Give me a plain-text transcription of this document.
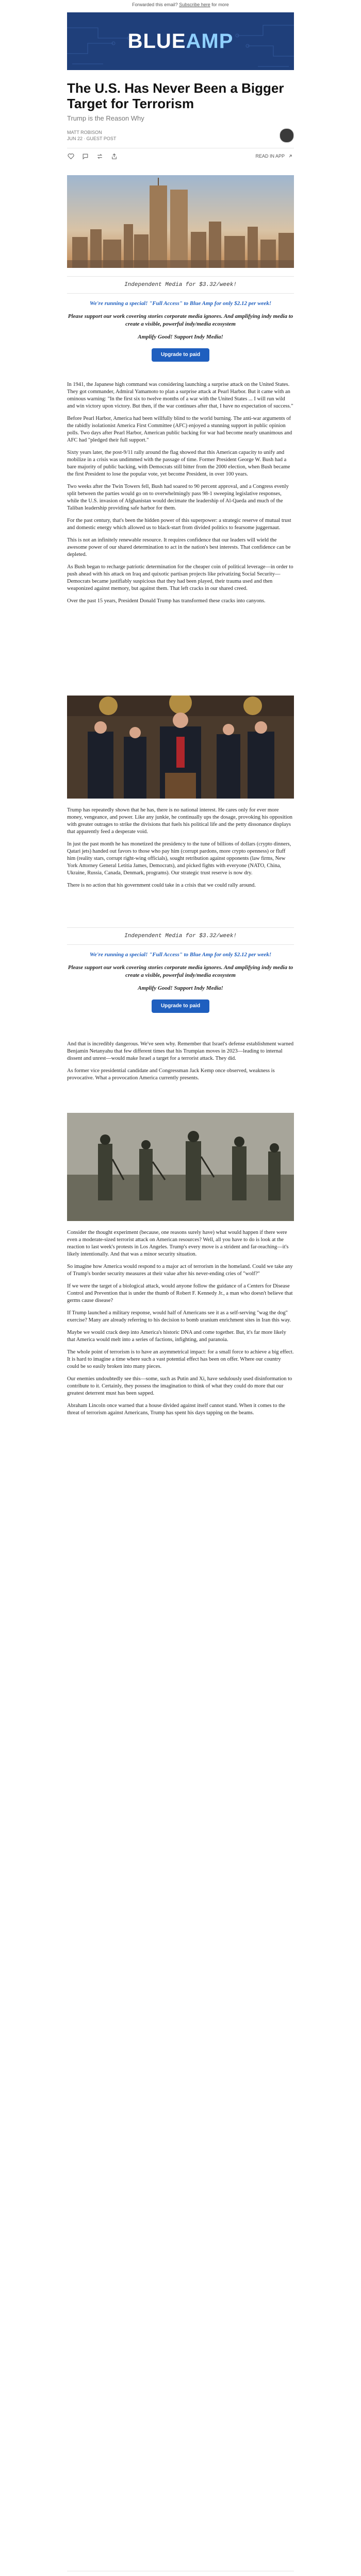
Forwarded this email? Subscribe here for more
BLUEAMP
The U.S. Has Never Been a Bigger Target for Terrorism
Trump is the Reason Why
MATT ROBISON
JUN 22 ∙ GUEST POST
READ IN APP
Independent Media for $3.32/week!
We're running a special! "Full Access" to Blue Amp for only $2.12 per week!
Please support our work covering stories corporate media ignores. And amplifying indy media to create a visible, powerful indy/media ecosystem
Amplify Good! Support Indy Media!
Upgrade to paid

In 1941, the Japanese high command was considering launching a surprise attack on the United States. They got commander, Admiral Yamamoto to plan a surprise attack at Pearl Harbor. But it came with an ominous warning: "In the first six to twelve months of a war with the United States ... I will run wild and win victory upon victory. But then, if the war continues after that, I have no expectation of success."

Before Pearl Harbor, America had been willfully blind to the world burning. The anti-war arguments of the rabidly isolationist America First Committee (AFC) enjoyed a stunning support in public opinion polls. Two days after Pearl Harbor, American public backing for war had become nearly unanimous and AFC had "pledged their full support."

Sixty years later, the post-9/11 rally around the flag showed that this American capacity to unify and mobilize in a crisis was undimmed with the passage of time. Former President George W. Bush had a bare majority of public backing, with Democrats still bitter from the 2000 election, when Bush became the first President to lose the popular vote, yet become President, in over 100 years.

Two weeks after the Twin Towers fell, Bush had soared to 90 percent approval, and a Congress evenly split between the parties would go on to overwhelmingly pass 98-1 sweeping legislative responses, while the U.S. invasion of Afghanistan would decimate the leadership of Al-Qaeda and much of the Taliban leadership providing safe harbor for them.

For the past century, that's been the hidden power of this superpower: a strategic reserve of mutual trust and domestic energy which allowed us to black-start from divided politics to fearsome juggernaut.

This is not an infinitely renewable resource. It requires confidence that our leaders will wield the awesome power of our shared determination to act in the nation's best interests. That confidence can be depleted.

As Bush began to recharge patriotic determination for the cheaper coin of political leverage—in order to push ahead with his attack on Iraq and quixotic partisan projects like privatizing Social Security—Democrats became justifiably suspicious that they had been played, their trauma used and then weaponized against memory, but against them. That left cracks in our shared creed.

Over the past 15 years, President Donald Trump has transformed these cracks into canyons.

Trump has repeatedly shown that he has, there is no national interest. He cares only for ever more money, vengeance, and power. Like any junkie, he continually ups the dosage, provoking his opposition with greater outrages to strike the divisions that fuels his political life and the petty dissonance displays that apparently feed a desperate void.

In just the past month he has monetized the presidency to the tune of billions of dollars (crypto dinners, Qatari jets) handed out favors to those who pay him (corrupt pardons, more crypto openness) or fluff him (reality stars, corrupt right-wing officials), sought retribution against opponents (law firms, New York Attorney General Letitia James, Democrats), and picked fights with everyone (NATO, China, Ukraine, Russia, Canada, Denmark, programs). Our strategic trust reserve is now dry.

There is no action that his government could take in a crisis that we could rally around.

Independent Media for $3.32/week!
We're running a special! "Full Access" to Blue Amp for only $2.12 per week!
Please support our work covering stories corporate media ignores. And amplifying indy media to create a visible, powerful indy/media ecosystem
Amplify Good! Support Indy Media!
Upgrade to paid

And that is incredibly dangerous. We've seen why. Remember that Israel's defense establishment warned Benjamin Netanyahu that few different times that his Trumpian moves in 2023—leading to internal dissent and unrest—would make Israel a target for a terrorist attack. They did.

As former vice presidential candidate and Congressman Jack Kemp once observed, weakness is provocative. What a provocation America currently presents.

Consider the thought experiment (because, one reasons surely have) what would happen if there were even a moderate-sized terrorist attack on American resources? Well, all you have to do is look at the reaction to last week's protests in Los Angeles. Trump's every move is a strident and far-reaching—it's likely intentionally. And that was a minor security situation.

So imagine how America would respond to a major act of terrorism in the homeland. Could we take any of Trump's border security measures at their value after his never-ending cries of "wolf?"

If we were the target of a biological attack, would anyone follow the guidance of a Centers for Disease Control and Prevention that is under the thumb of Robert F. Kennedy Jr., a man who doesn't believe that germs cause disease?

If Trump launched a military response, would half of Americans see it as a self-serving "wag the dog" exercise? Many are already referring to his decision to bomb uranium enrichment sites in Iran this way.

Maybe we would crack deep into America's historic DNA and come together. But, it's far more likely that America would melt into a series of factions, infighting, and paranoia.

The whole point of terrorism is to have an asymmetrical impact: for a small force to achieve a big effect. It is hard to imagine a time where such a vast potential effect has been on offer. Where our country could be so easily broken into many pieces.

Our enemies undoubtedly see this—some, such as Putin and Xi, have sedulously used disinformation to contribute to it. Certainly, they possess the imagination to think of what they could do more that our greatest deterrent must has been sapped.

Abraham Lincoln once warned that a house divided against itself cannot stand. When it comes to the threat of terrorism against Americans, Trump has spent his days tapping on the beams.
